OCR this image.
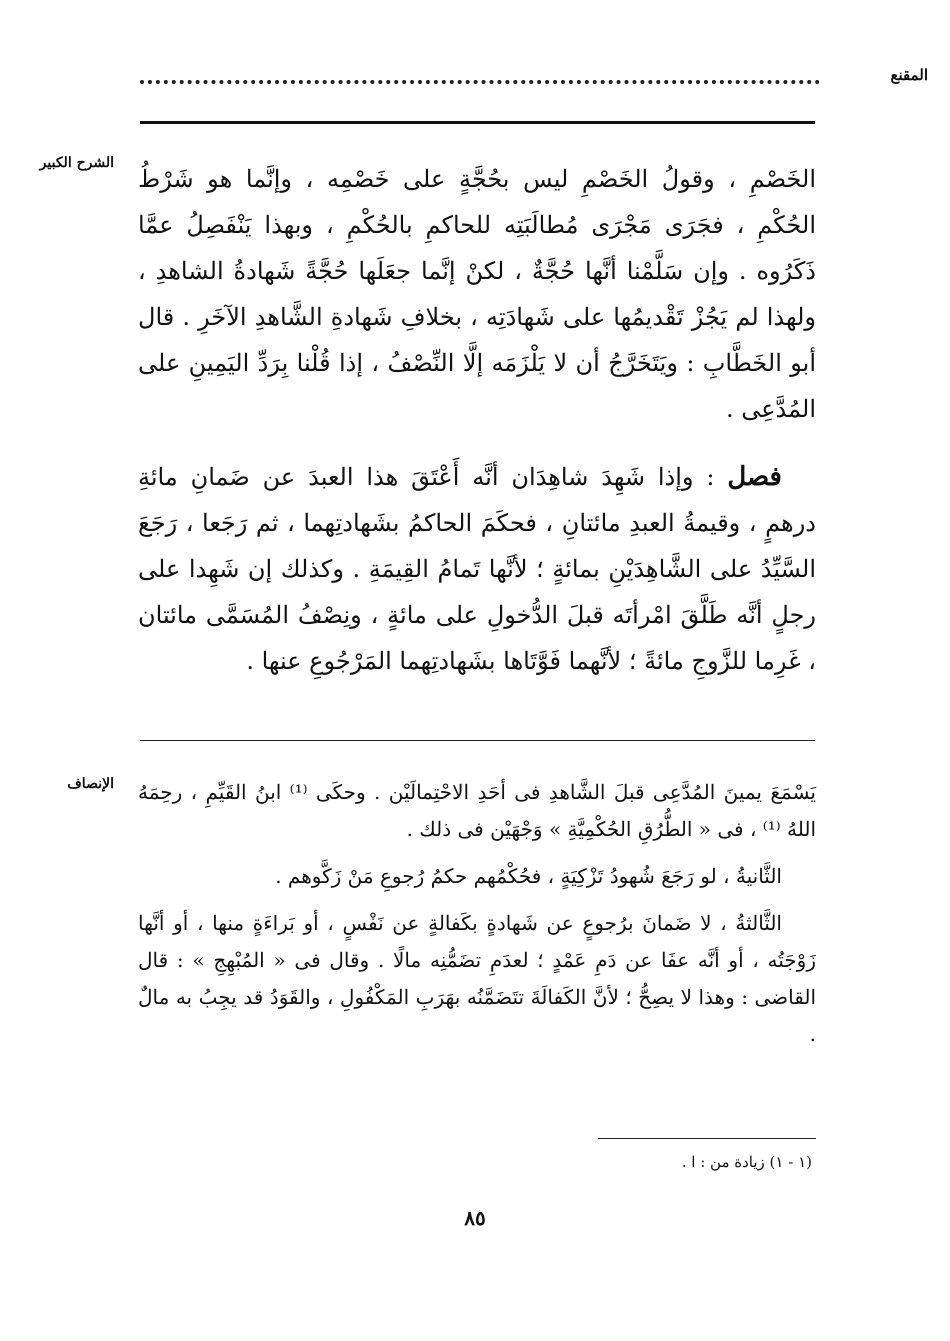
المقنع
الشرح الكبير

الخَصْمِ ، وقولُ الخَصْمِ ليس بحُجَّةٍ على خَصْمِه ، وإنَّما هو شَرْطُ الحُكْمِ ، فجَرَى مَجْرَى مُطالَبَتِه للحاكمِ بالحُكْمِ ، وبهذا يَنْفَصِلُ عمَّا ذَكَرُوه . وإن سَلَّمْنا أنَّها حُجَّةٌ ، لكنْ إنَّما جعَلَها حُجَّةً شَهادةُ الشاهدِ ، ولهذا لم يَجُزْ تَقْديمُها على شَهادَتِه ، بخلافِ شَهادةِ الشَّاهدِ الآخَرِ . قال أبو الخَطَّابِ : ويَتَخَرَّجُ أن لا يَلْزَمَه إلَّا النِّصْفُ ، إذا قُلْنا بِرَدِّ اليَمِينِ على المُدَّعِى .

فصل : وإذا شَهِدَ شاهِدَان أنَّه أَعْتَقَ هذا العبدَ عن ضَمانِ مائةِ درهمٍ ، وقيمةُ العبدِ مائتانِ ، فحكَمَ الحاكمُ بشَهادتِهما ، ثم رَجَعا ، رَجَعَ السَّيِّدُ على الشَّاهِدَيْنِ بمائةٍ ؛ لأنَّها تَمامُ القِيمَةِ . وكذلك إن شَهِدا على رجلٍ أنَّه طَلَّقَ امْرأتَه قبلَ الدُّخولِ على مائةٍ ، ونِصْفُ المُسَمَّى مائتان ، غَرِما للزَّوجِ مائةً ؛ لأنَّهما فَوَّتَاها بشَهادتِهما المَرْجُوعِ عنها .

الإنصاف يَسْمَعَ يمينَ المُدَّعِى قبلَ الشَّاهدِ فى أحَدِ الاحْتِمالَيْن . وحكَى ⁽¹⁾ ابنُ القَيِّمِ ، رحِمَهُ اللهُ ⁽¹⁾ ، فى « الطُّرُقِ الحُكْمِيَّةِ » وَجْهَيْن فى ذلك .

الثَّانيةُ ، لو رَجَعَ شُهودُ تَزْكِيَةٍ ، فحُكْمُهم حكمُ رُجوعِ مَنْ زَكَّوهم .

الثَّالثةُ ، لا ضَمانَ برُجوعٍ عن شَهادةٍ بكَفالةٍ عن نَفْسٍ ، أو بَراءَةٍ منها ، أو أنَّها زَوْجَتُه ، أو أنَّه عفَا عن دَمِ عَمْدٍ ؛ لعدَمِ تضَمُّنِه مالًا . وقال فى « المُبْهِجِ » : قال القاضى : وهذا لا يصِحُّ ؛ لأنَّ الكَفالَةَ تتَضَمَّنُه بهَرَبِ المَكْفُولِ ، والقَوَدُ قد يجِبُ به مالٌ .

(١ - ١) زيادة من : ا .
٨٥
